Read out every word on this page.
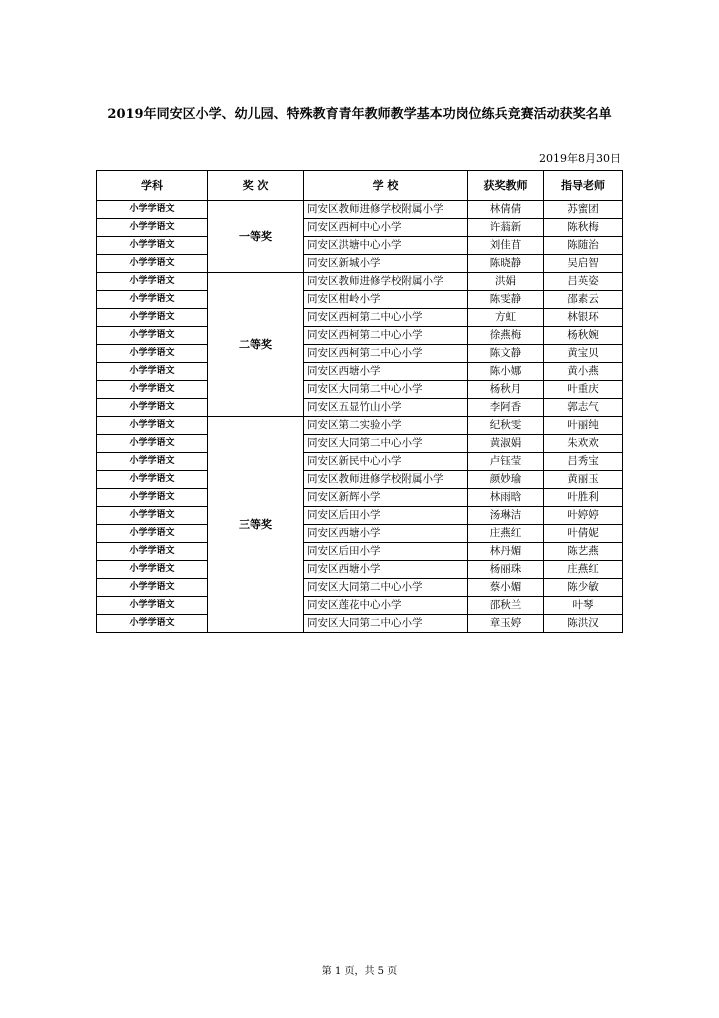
2019年同安区小学、幼儿园、特殊教育青年教师教学基本功岗位练兵竞赛活动获奖名单
2019年8月30日
学科	奖 次	学 校	获奖教师	指导老师
小学学语文	一等奖	同安区教师进修学校附属小学	林倩倩	苏蜜团
小学学语文		同安区西柯中心小学	许蓊新	陈秋梅
小学学语文		同安区洪塘中心小学	刘佳苜	陈随治
小学学语文		同安区新城小学	陈晓静	吴启智
小学学语文	二等奖	同安区教师进修学校附属小学	洪娟	吕英姿
小学学语文		同安区柑岭小学	陈雯静	邵素云
小学学语文		同安区西柯第二中心小学	方虹	林银环
小学学语文		同安区西柯第二中心小学	徐燕梅	杨秋婉
小学学语文		同安区西柯第二中心小学	陈文静	黄宝贝
小学学语文		同安区西塘小学	陈小娜	黄小燕
小学学语文		同安区大同第二中心小学	杨秋月	叶重庆
小学学语文		同安区五显竹山小学	李阿香	郭志气
小学学语文	三等奖	同安区第二实验小学	纪秋雯	叶丽纯
小学学语文		同安区大同第二中心小学	黄淑娟	朱欢欢
小学学语文		同安区新民中心小学	卢钰莹	吕秀宝
小学学语文		同安区教师进修学校附属小学	颜妙瑜	黄丽玉
小学学语文		同安区新辉小学	林雨晗	叶胜利
小学学语文		同安区后田小学	汤琳洁	叶婷婷
小学学语文		同安区西塘小学	庄燕红	叶倩妮
小学学语文		同安区后田小学	林丹媚	陈艺燕
小学学语文		同安区西塘小学	杨丽珠	庄燕红
小学学语文		同安区大同第二中心小学	蔡小媚	陈少敏
小学学语文		同安区莲花中心小学	邵秋兰	叶琴
小学学语文		同安区大同第二中心小学	章玉婷	陈洪汉
第 1 页，共 5 页
